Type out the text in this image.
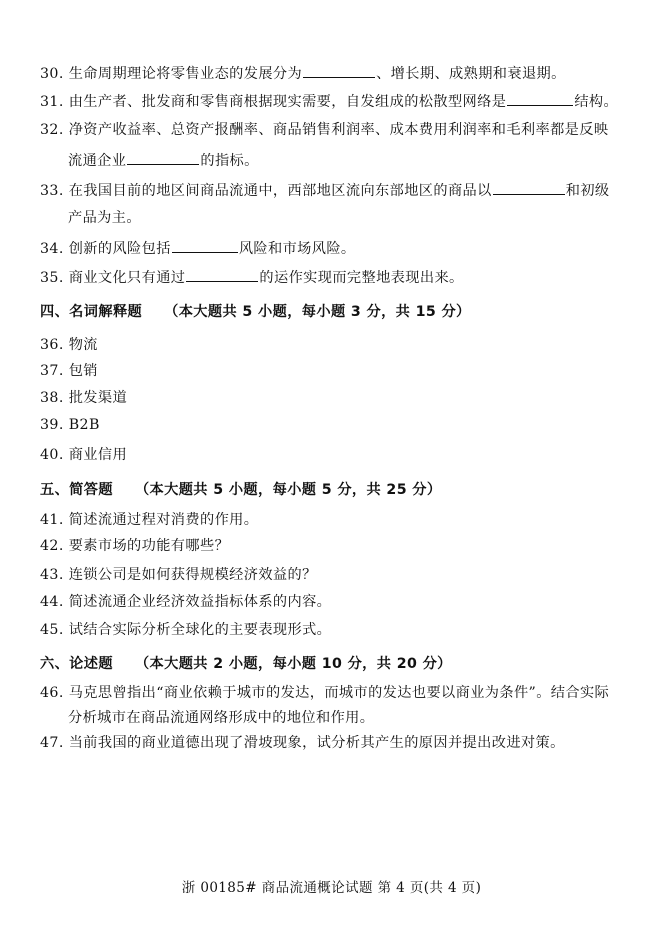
30. 生命周期理论将零售业态的发展分为	、增长期、成熟期和衰退期。
31. 由生产者、批发商和零售商根据现实需要，自发组成的松散型网络是	结构。
32. 净资产收益率、总资产报酬率、商品销售利润率、成本费用利润率和毛利率都是反映
流通企业	的指标。
33. 在我国目前的地区间商品流通中，西部地区流向东部地区的商品以	和初级
产品为主。
34. 创新的风险包括	风险和市场风险。
35. 商业文化只有通过	的运作实现而完整地表现出来。
四、名词解释题 （本大题共 5 小题，每小题 3 分，共 15 分）
36. 物流
37. 包销
38. 批发渠道
39. B2B
40. 商业信用
五、简答题 （本大题共 5 小题，每小题 5 分，共 25 分）
41. 简述流通过程对消费的作用。
42. 要素市场的功能有哪些？
43. 连锁公司是如何获得规模经济效益的？
44. 简述流通企业经济效益指标体系的内容。
45. 试结合实际分析全球化的主要表现形式。
六、论述题 （本大题共 2 小题，每小题 10 分，共 20 分）
46. 马克思曾指出“商业依赖于城市的发达，而城市的发达也要以商业为条件”。结合实际
分析城市在商品流通网络形成中的地位和作用。
47. 当前我国的商业道德出现了滑坡现象，试分析其产生的原因并提出改进对策。
浙 00185# 商品流通概论试题 第 4 页(共 4 页)
